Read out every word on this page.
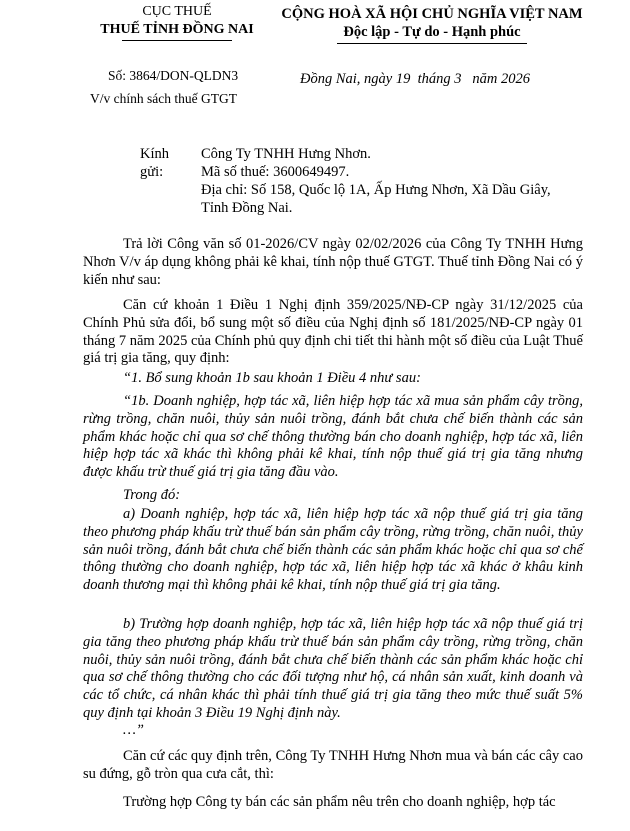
CỤC THUẾ
THUẾ TỈNH ĐỒNG NAI
Số: 3864/DON-QLDN3
V/v chính sách thuế GTGT
CỘNG HOÀ XÃ HỘI CHỦ NGHĨA VIỆT NAM
Độc lập - Tự do - Hạnh phúc
Đồng Nai, ngày 19  tháng 3   năm 2026
Kính gửi:
Công Ty TNHH Hưng Nhơn.
Mã số thuế: 3600649497.
Địa chỉ: Số 158, Quốc lộ 1A, Ấp Hưng Nhơn, Xã Dầu Giây,
Tỉnh Đồng Nai.
Trả lời Công văn số 01-2026/CV ngày 02/02/2026 của Công Ty TNHH Hưng Nhơn V/v áp dụng không phải kê khai, tính nộp thuế GTGT. Thuế tỉnh Đồng Nai có ý kiến như sau:
Căn cứ khoản 1 Điều 1 Nghị định 359/2025/NĐ-CP ngày 31/12/2025 của Chính Phủ sửa đổi, bổ sung một số điều của Nghị định số 181/2025/NĐ-CP ngày 01 tháng 7 năm 2025 của Chính phủ quy định chi tiết thi hành một số điều của Luật Thuế giá trị gia tăng, quy định:
“1. Bổ sung khoản 1b sau khoản 1 Điều 4 như sau:
“1b. Doanh nghiệp, hợp tác xã, liên hiệp hợp tác xã mua sản phẩm cây trồng, rừng trồng, chăn nuôi, thủy sản nuôi trồng, đánh bắt chưa chế biến thành các sản phẩm khác hoặc chỉ qua sơ chế thông thường bán cho doanh nghiệp, hợp tác xã, liên hiệp hợp tác xã khác thì không phải kê khai, tính nộp thuế giá trị gia tăng nhưng được khấu trừ thuế giá trị gia tăng đầu vào.
Trong đó:
a) Doanh nghiệp, hợp tác xã, liên hiệp hợp tác xã nộp thuế giá trị gia tăng theo phương pháp khấu trừ thuế bán sản phẩm cây trồng, rừng trồng, chăn nuôi, thủy sản nuôi trồng, đánh bắt chưa chế biến thành các sản phẩm khác hoặc chỉ qua sơ chế thông thường cho doanh nghiệp, hợp tác xã, liên hiệp hợp tác xã khác ở khâu kinh doanh thương mại thì không phải kê khai, tính nộp thuế giá trị gia tăng.
b) Trường hợp doanh nghiệp, hợp tác xã, liên hiệp hợp tác xã nộp thuế giá trị gia tăng theo phương pháp khấu trừ thuế bán sản phẩm cây trồng, rừng trồng, chăn nuôi, thủy sản nuôi trồng, đánh bắt chưa chế biến thành các sản phẩm khác hoặc chỉ qua sơ chế thông thường cho các đối tượng như hộ, cá nhân sản xuất, kinh doanh và các tổ chức, cá nhân khác thì phải tính thuế giá trị gia tăng theo mức thuế suất 5% quy định tại khoản 3 Điều 19 Nghị định này.
…”
Căn cứ các quy định trên, Công Ty TNHH Hưng Nhơn mua và bán các cây cao su đứng, gỗ tròn qua cưa cắt, thì:
Trường hợp Công ty bán các sản phẩm nêu trên cho doanh nghiệp, hợp tác
